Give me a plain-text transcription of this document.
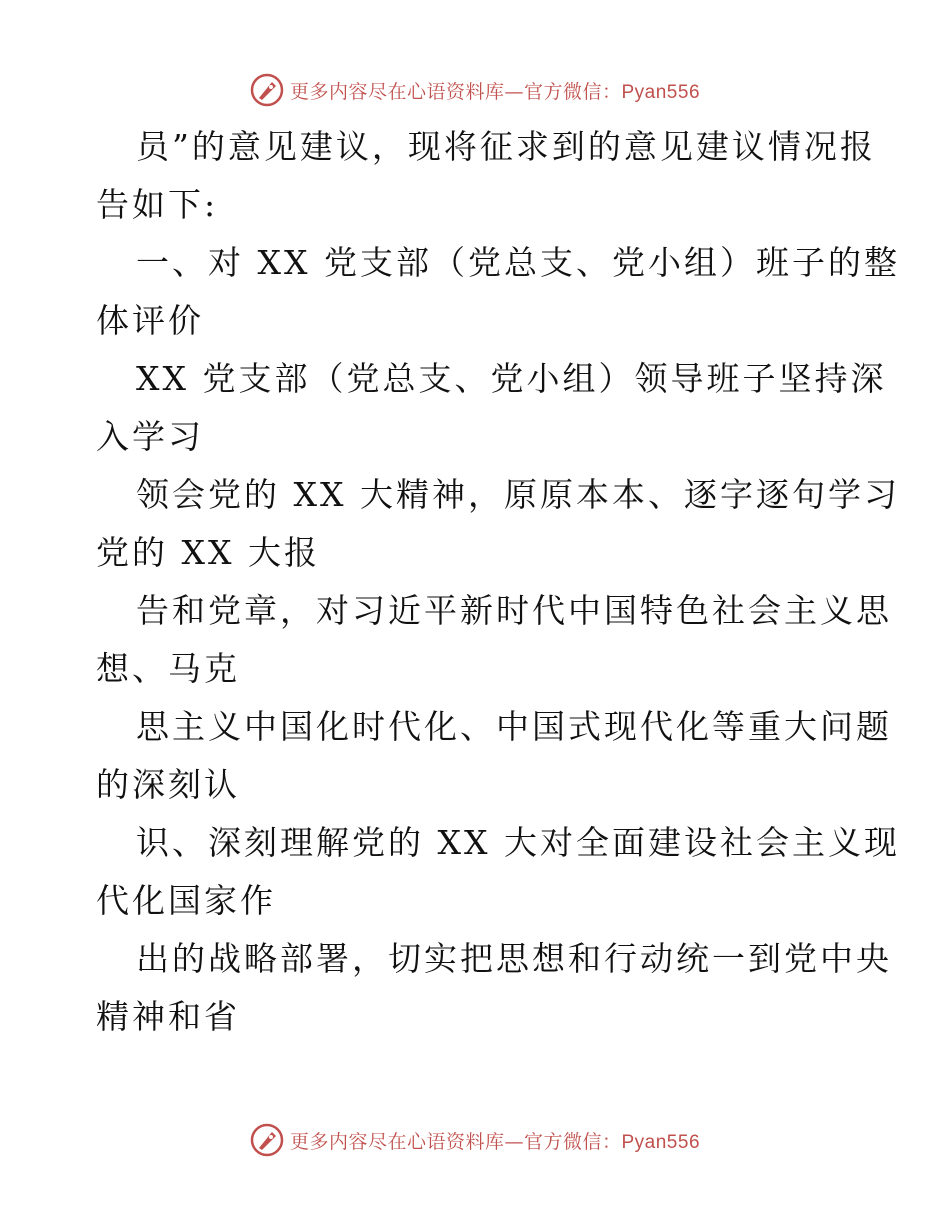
更多内容尽在心语资料库—官方微信：Pyan556
员”的意见建议，现将征求到的意见建议情况报
告如下:
一、对 XX 党支部（党总支、党小组）班子的整
体评价
XX 党支部（党总支、党小组）领导班子坚持深
入学习
领会党的 XX 大精神，原原本本、逐字逐句学习
党的 XX 大报
告和党章，对习近平新时代中国特色社会主义思
想、马克
思主义中国化时代化、中国式现代化等重大问题
的深刻认
识、深刻理解党的 XX 大对全面建设社会主义现
代化国家作
出的战略部署，切实把思想和行动统一到党中央
精神和省
更多内容尽在心语资料库—官方微信：Pyan556
